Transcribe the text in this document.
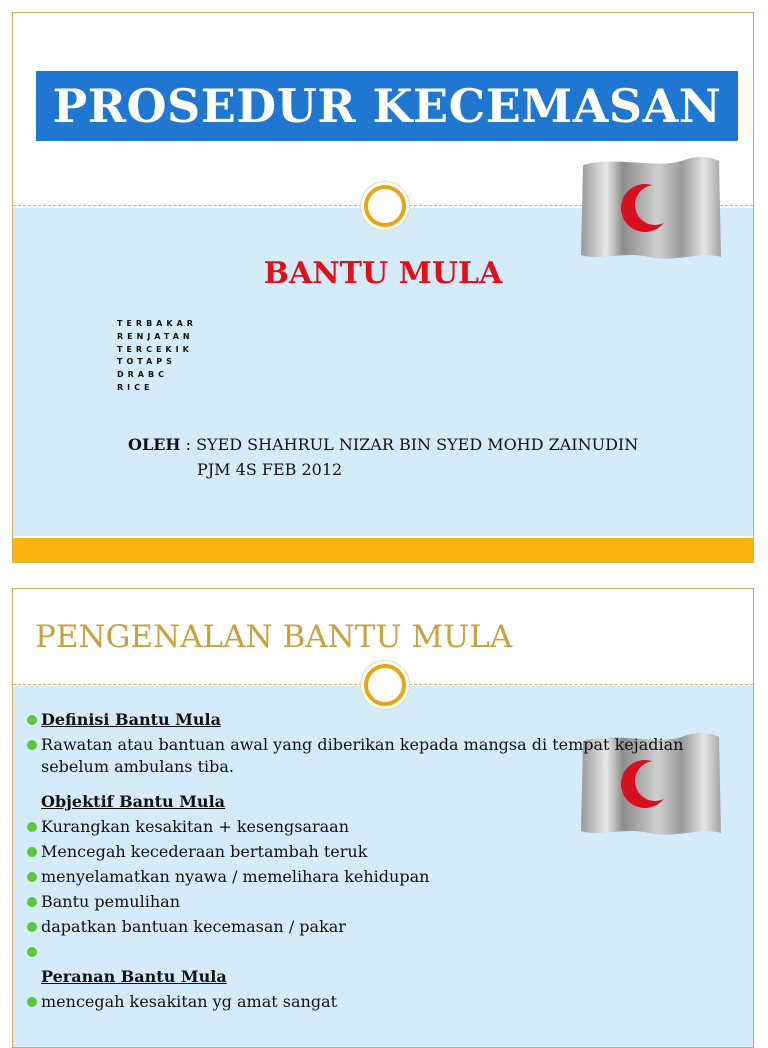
PROSEDUR KECEMASAN
BANTU MULA
TERBAKAR
RENJATAN
TERCEKIK
TOTAPS
DRABC
RICE
OLEH : SYED SHAHRUL NIZAR BIN SYED MOHD ZAINUDIN
PJM 4S FEB 2012
PENGENALAN BANTU MULA
Definisi Bantu Mula
Rawatan atau bantuan awal yang diberikan kepada mangsa di tempat kejadian sebelum ambulans tiba.
Objektif Bantu Mula
Kurangkan kesakitan + kesengsaraan
Mencegah kecederaan bertambah teruk
menyelamatkan nyawa / memelihara kehidupan
Bantu pemulihan
dapatkan bantuan kecemasan / pakar
Peranan Bantu Mula
mencegah kesakitan yg amat sangat
